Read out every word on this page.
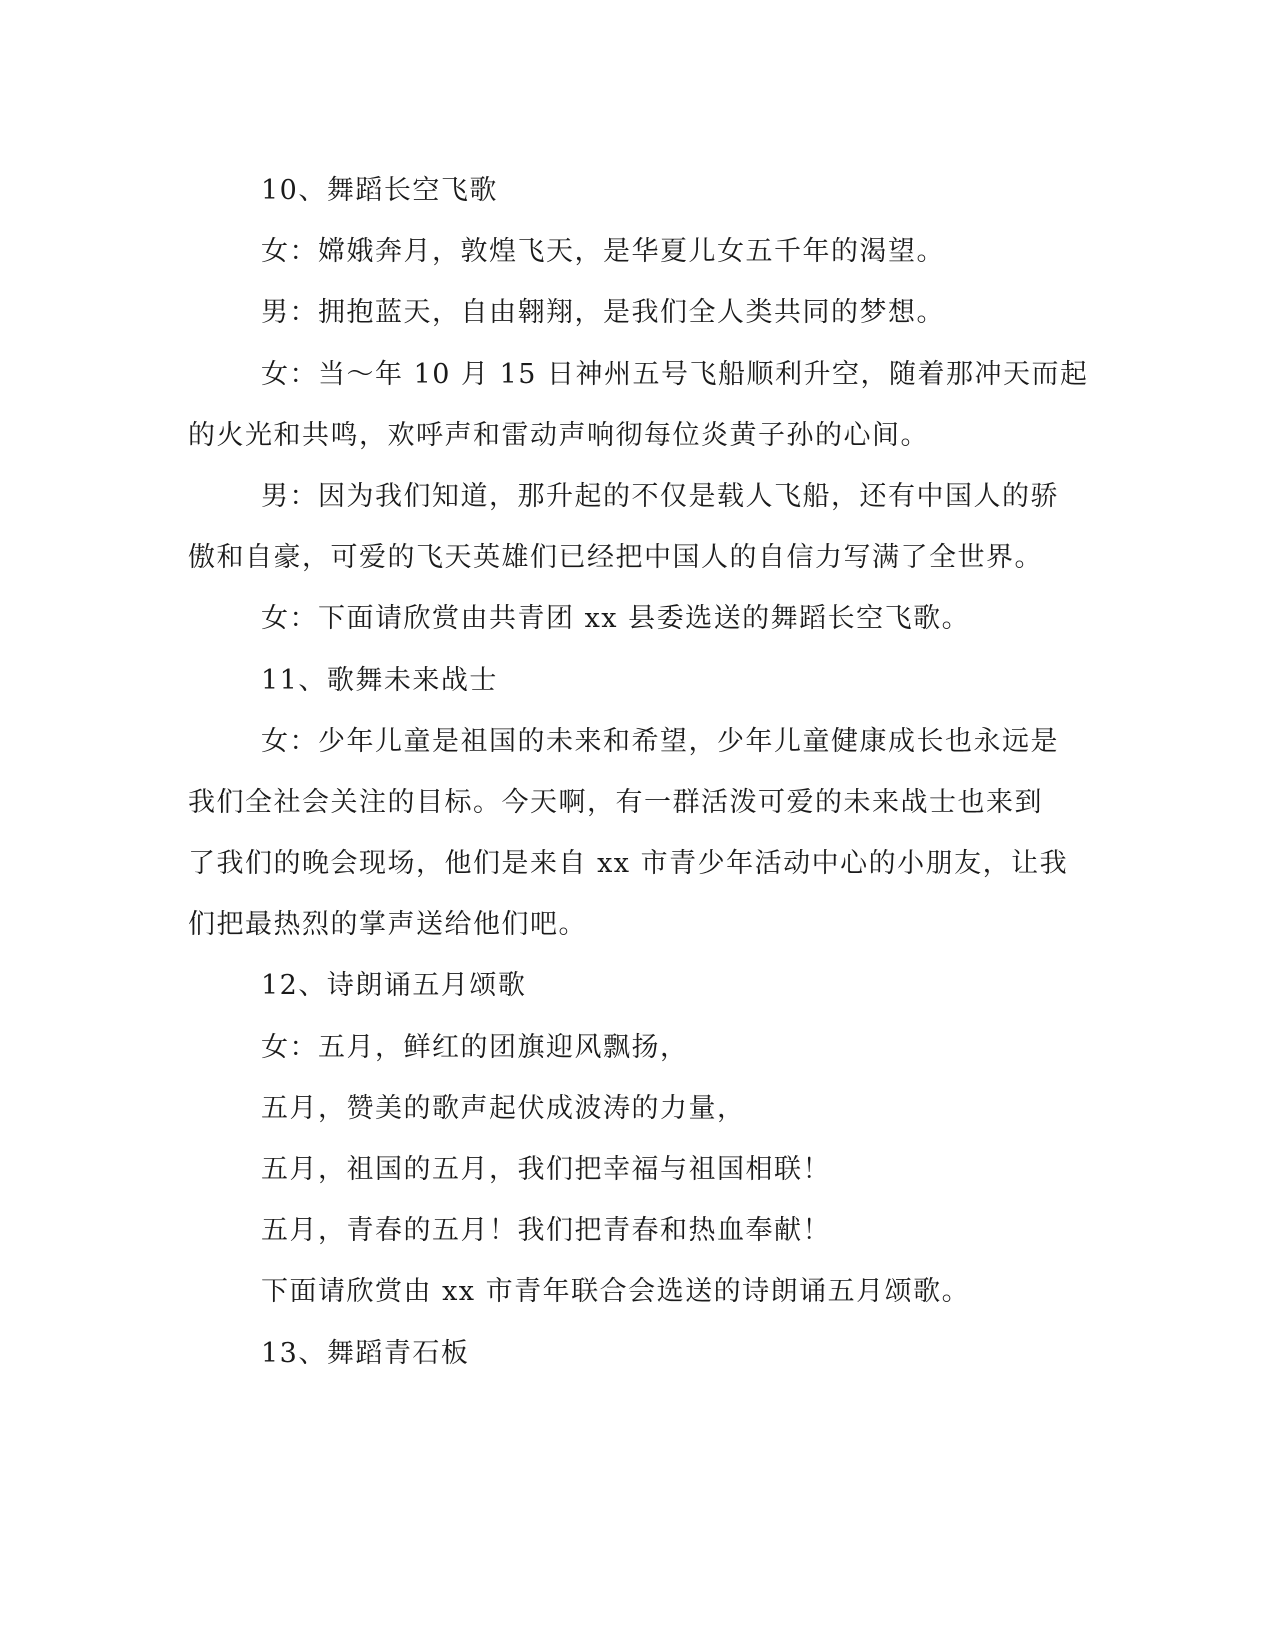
10、舞蹈长空飞歌
女：嫦娥奔月，敦煌飞天，是华夏儿女五千年的渴望。
男：拥抱蓝天，自由翱翔，是我们全人类共同的梦想。
女：当～年 10 月 15 日神州五号飞船顺利升空，随着那冲天而起
的火光和共鸣，欢呼声和雷动声响彻每位炎黄子孙的心间。
男：因为我们知道，那升起的不仅是载人飞船，还有中国人的骄
傲和自豪，可爱的飞天英雄们已经把中国人的自信力写满了全世界。
女：下面请欣赏由共青团 xx 县委选送的舞蹈长空飞歌。
11、歌舞未来战士
女：少年儿童是祖国的未来和希望，少年儿童健康成长也永远是
我们全社会关注的目标。今天啊，有一群活泼可爱的未来战士也来到
了我们的晚会现场，他们是来自 xx 市青少年活动中心的小朋友，让我
们把最热烈的掌声送给他们吧。
12、诗朗诵五月颂歌
女：五月，鲜红的团旗迎风飘扬，
五月，赞美的歌声起伏成波涛的力量，
五月，祖国的五月，我们把幸福与祖国相联！
五月，青春的五月！我们把青春和热血奉献！
下面请欣赏由 xx 市青年联合会选送的诗朗诵五月颂歌。
13、舞蹈青石板
